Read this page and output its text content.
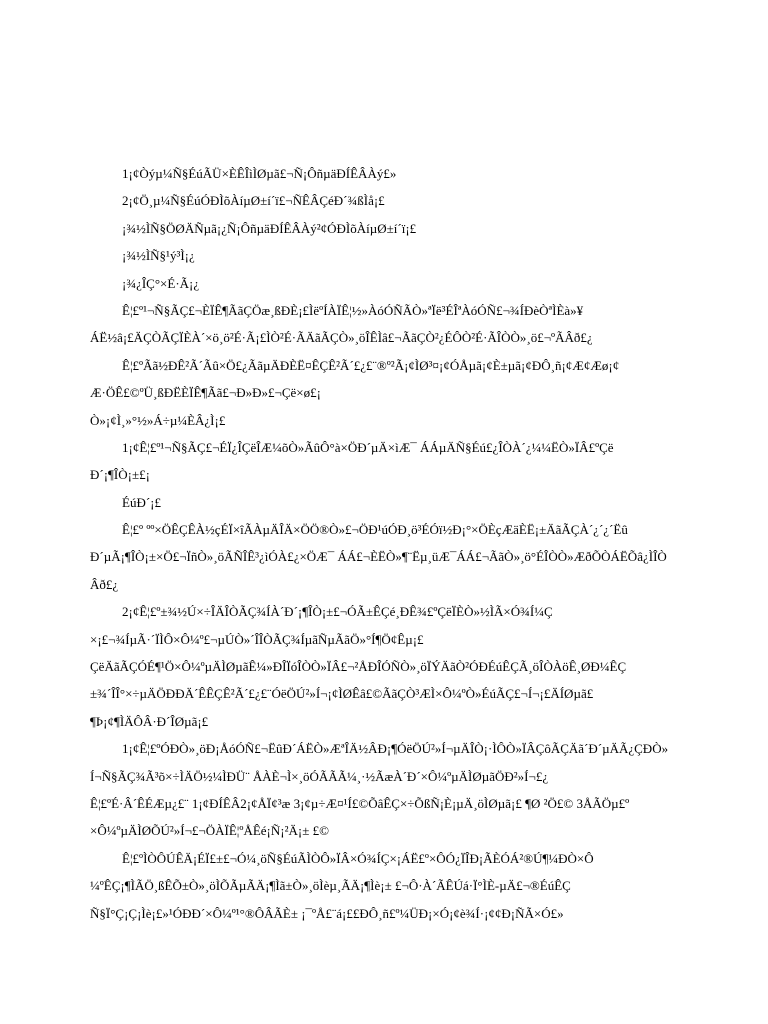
1¡¢Òýµ¼Ñ§ÉúÃÜ×ÈÊÎìÌØµã£¬Ñ¡ÔñµäÐÍÊÂÀý£»
2¡¢Ö¸µ¼Ñ§ÉúÓÐÌõÀíµØ±í´ï£¬ÑÊÂÇéÐ´¾ßÌå¡£
¡¾½ÌÑ§ÖØÄÑµã¡¿Ñ¡ÔñµäÐÍÊÂÀý²¢ÓÐÌõÀíµØ±í´ï¡£
¡¾½ÌÑ§¹ý³Ì¡¿
¡¾¿ÎÇ°×É·Ã¡¿
Ê¦£º¹¬Ñ§ÃÇ£¬ÈÏÊ¶ÃãÇÖæ¸ßÐÈ¡£ÌëºÍÀÏÊ¦½»ÀóÓÑÃÒ»ªÏë³ÉÎªÀóÓÑ£¬¾ÍÐèÒªÌÈà»¥
ÁË½â¡£ÄÇÒÃÇÏÈÀ´×ö¸ö²É·Ã¡£ÌÒ²É·ÃÄãÃÇÒ»¸öÎÊÌâ£¬ÃãÇÒ²¿ÉÔÒ²É·ÃÎÒÒ»¸ö£¬ºÃÂð£¿
Ê¦£ºÃã½ÐÊ²Ã´Ãû×Ö£¿ÃãµÄÐÈË¤ÊÇÊ²Ã´£¿£¨®º²Ã¡¢ÌØ³¤¡¢ÓÅµã¡¢È±µã¡¢ÐÔ¸ñ¡¢Æ¢Æø¡¢
Æ·ÖÊ£©ºÜ¸ßÐËÈÏÊ¶Ãã£¬Ð»Ð»£¬Çë×ø£¡
Ò»¡¢Ì¸»°½»Á÷µ¼ÈÂ¿Ì¡£
1¡¢Ê¦£º¹¬Ñ§ÃÇ£¬ÉÏ¿ÎÇëÎÆ¼õÒ»ÃûÔ°à×ÖÐ´µÄ×ìÆ¯ ÁÁµÄÑ§Éú£¿ÎÒÀ´¿¼¼ËÒ»ÏÂ£ºÇë
Ð´¡¶ÎÒ¡±£¡
ÉúÐ´¡£
Ê¦£º ºº×ÖÊÇÊÀ½çÉÏ×îÃÀµÄÎÄ×ÖÖ®Ò»£¬ÖÐ¹úÓÐ¸ö³ÉÓï½Ð¡°×ÖÈçÆäÈË¡±ÄãÃÇÀ´¿´¿´Ëû
Ð´µÃ¡¶ÎÒ¡±×Ö£¬ÏñÒ»¸öÃÑÎÊ³¿ìÓÀ£¿×ÖÆ¯ ÁÁ£¬ÈËÒ»¶¨Ëµ¸üÆ¯ÁÁ£¬ÃãÒ»¸ö°ÉÎÒÒ»ÆðÕÒÁËÕâ¿ÌÎÒ
Âð£¿
2¡¢Ê¦£º±¾½Ú×÷ÎÄÎÒÃÇ¾ÍÀ´Ð´¡¶ÎÒ¡±£¬ÓÃ±ÊÇé¸ÐÊ¾£ºÇëÏÈÒ»½ÌÃ×Ó¾Í¼Ç
×¡£¬¾ÍµÃ·´ÏÌÔ×Ô¼º£¬µÚÒ»´ÎÎÒÃÇ¾ÍµãÑµÃãÖ»°Í¶Ö¢Êµ¡£
ÇëÄãÃÇÓÉ¶¹Ö×Ô¼ºµÄÌØµãÊ¼»ÐÎÏóÎÒÒ»ÏÂ£¬²ÅÐÎÓÑÒ»¸öÏÝÄãÒ²ÓÐÉúÊÇÃ¸öÎÒÀöÊ¸ØÐ¼ÊÇ
±¾´ÎÎ°×÷µÄÖÐÐÄ´ÊÊÇÊ²Ã´£¿£¨ÓëÖÚ²»Í¬¡¢ÌØÊâ£©ÃãÇÒ³ÆÌ×Ô¼ºÒ»ÉúÃÇ£¬Í¬¡£ÄÍØµã£
¶Þ¡¢¶ÌÄÔÂ·Ð´ÎØµã¡£
1¡¢Ê¦£ºÓÐÒ»¸öÐ¡ÅóÓÑ£¬ËûÐ´ÁËÒ»ÆªÎÄ½ÂÐ¡¶ÓëÖÚ²»Í¬µÄÎÒ¡·ÌÔÒ»ÏÂÇôÃÇÄã´Ð´µÄÃ¿ÇÐÒ»
Í¬Ñ§ÃÇ¾Ã³õ×÷ÌÄÖ½¼ÌÐÜ¨ ÅÀÈ¬Ì×¸öÓÃÃÃ¼¸·½ÃæÀ´Ð´×Ô¼ºµÄÌØµãÖÐ²»Í¬£¿
Ê¦£ºÉ·Â´ÊÉÆµ¿£¨ 1¡¢ÐÍÊÂ2¡¢ÅÏ¢³æ 3¡¢µ÷Æ¤¹Í£©ÕâÊÇ×÷ÕßÑ¡È¡µÄ¸öÌØµã¡£ ¶Ø ²Ö£© 3ÅÃÖµ£º
×Ô¼ºµÄÌØÕÚ²»Í¬£¬ÖÀÏÊ¦ºÅÊé¡Ñ¡²Ä¡± £©
Ê¦£ºÌÒÔÚÊÄ¡ÉÏ£±£¬Ó¼¸öÑ§ÉúÃÌÒÔ»ÏÂ×Ó¾ÍÇ×¡ÁË£º×ÔÓ¿ÏÎÐ¡ÃÈÓÁ²®Ú¶¼ÐÒ×Ô
¼ºÊÇ¡¶ÌÃÖ¸ßÊÕ±Ò»¸öÌÕÃµÃÄ¡¶Ìã±Ò»¸öÌèµ¸ÃÄ¡¶Ìè¡± £¬Ô·À´ÃÊÚá·Ï°ÌÈ-µÄ£¬®ÉúÊÇ
Ñ§Ï°Ç¡Ç¡Ìè¡£»¹ÓÐÐ´×Ô¼º¹°®ÔÂÃÈ± ¡¯ºÅ£¨á¡££ÐÔ¸ñ£º¼ÜÐ¡×Ó¡¢è¾Í·¡¢¢Ð¡ÑÃ×Ó£»
